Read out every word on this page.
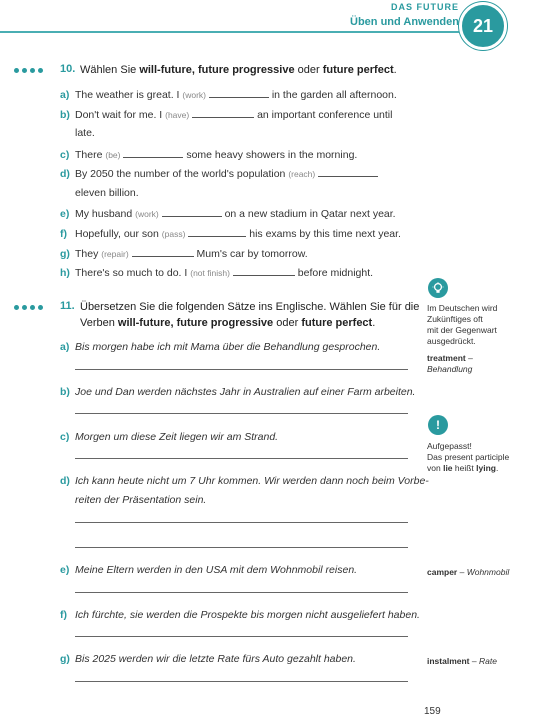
DAS FUTURE
Üben und Anwenden 21
10. Wählen Sie will-future, future progressive oder future perfect.
a) The weather is great. I (work)	in the garden all afternoon.
b) Don't wait for me. I (have)	an important conference until
late.
c) There (be)	some heavy showers in the morning.
d) By 2050 the number of the world's population (reach)
eleven billion.
e) My husband (work)	on a new stadium in Qatar next year.
f) Hopefully, our son (pass)	his exams by this time next year.
g) They (repair)	Mum's car by tomorrow.
h) There's so much to do. I (not finish)	before midnight.
11. Übersetzen Sie die folgenden Sätze ins Englische. Wählen Sie für die
Verben will-future, future progressive oder future perfect.
a) Bis morgen habe ich mit Mama über die Behandlung gesprochen.
b) Joe und Dan werden nächstes Jahr in Australien auf einer Farm arbeiten.
c) Morgen um diese Zeit liegen wir am Strand.
d) Ich kann heute nicht um 7 Uhr kommen. Wir werden dann noch beim Vorbe-
reiten der Präsentation sein.
e) Meine Eltern werden in den USA mit dem Wohnmobil reisen.
f) Ich fürchte, sie werden die Prospekte bis morgen nicht ausgeliefert haben.
g) Bis 2025 werden wir die letzte Rate fürs Auto gezahlt haben.
Im Deutschen wird
Zukünftiges oft
mit der Gegenwart
ausgedrückt.
treatment –
Behandlung
!
Aufgepasst!
Das present participle
von lie heißt lying.
camper – Wohnmobil
instalment – Rate
159
